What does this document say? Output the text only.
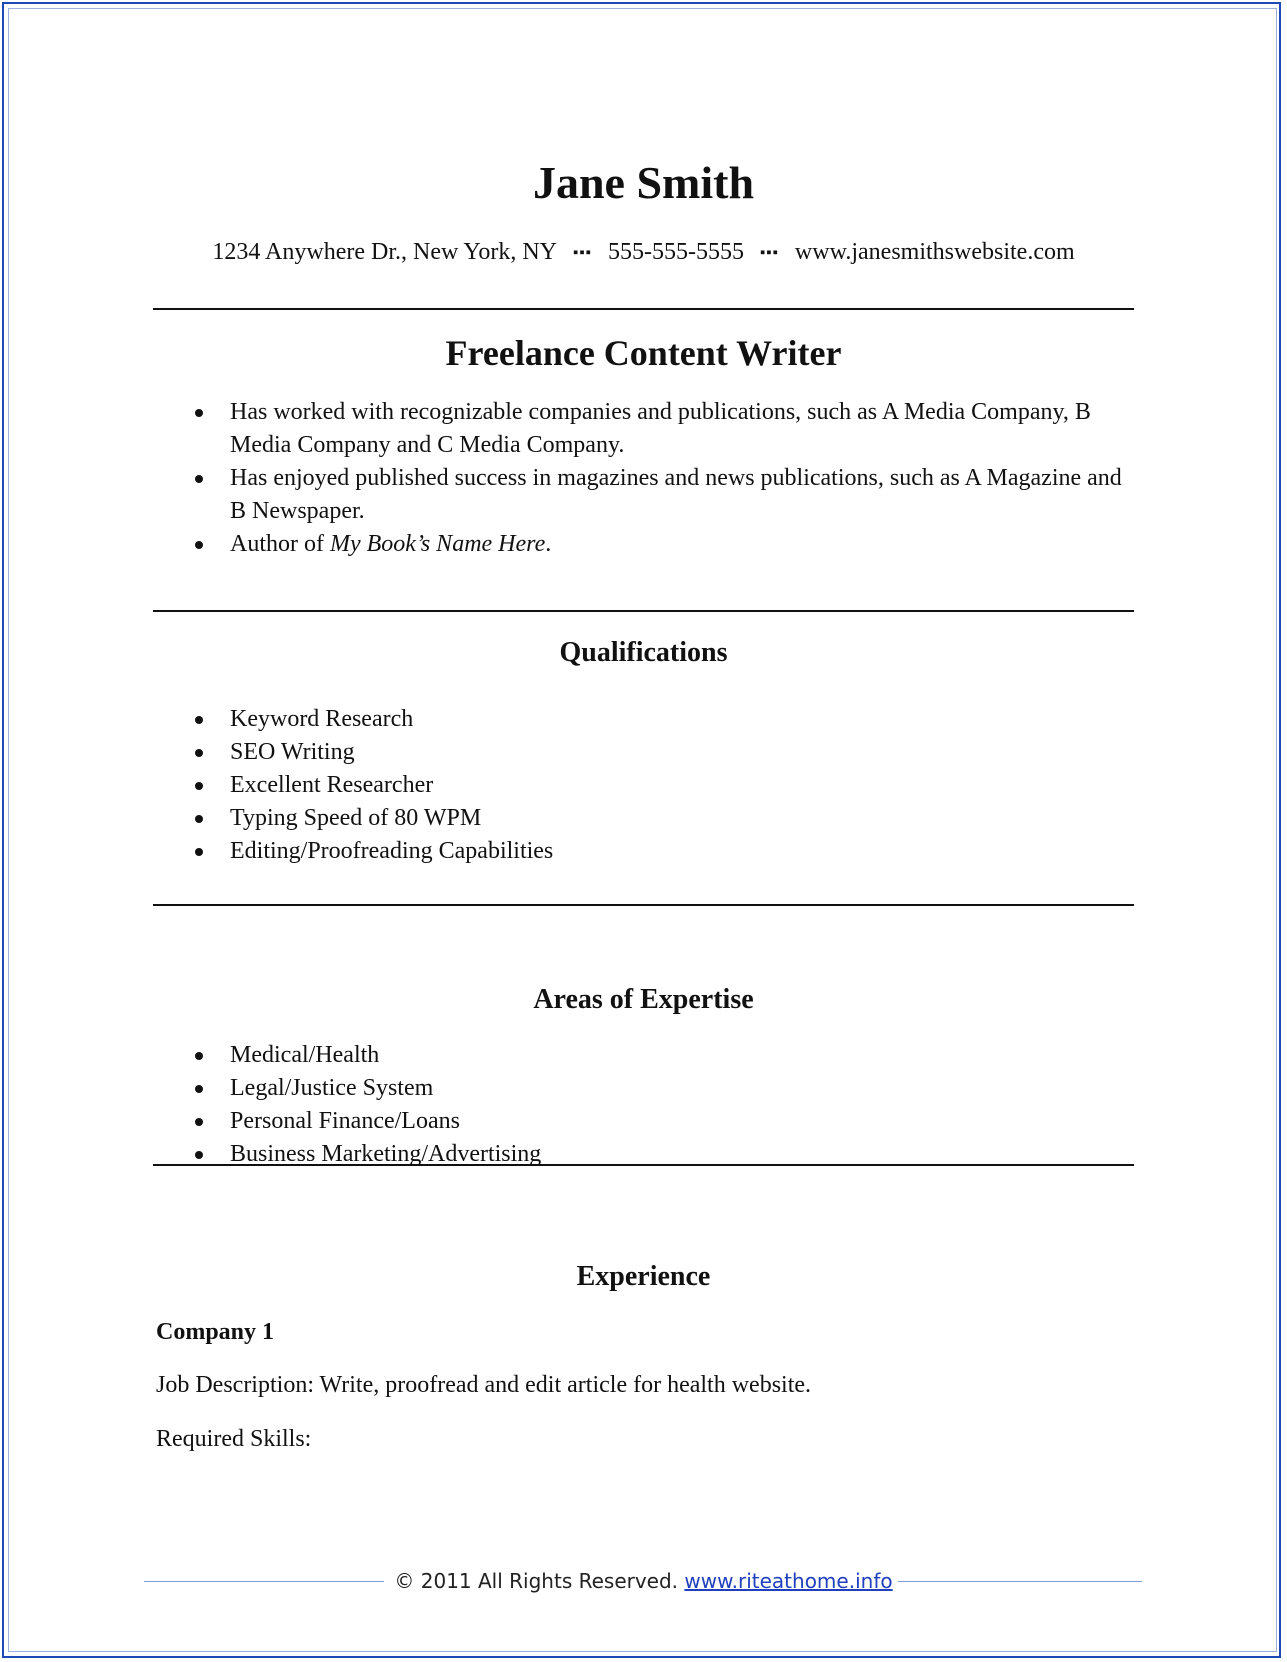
Jane Smith
1234 Anywhere Dr., New York, NY ▪▪▪ 555-555-5555 ▪▪▪ www.janesmithswebsite.com
Freelance Content Writer
Has worked with recognizable companies and publications, such as A Media Company, B Media Company and C Media Company.
Has enjoyed published success in magazines and news publications, such as A Magazine and B Newspaper.
Author of My Book’s Name Here.
Qualifications
Keyword Research
SEO Writing
Excellent Researcher
Typing Speed of 80 WPM
Editing/Proofreading Capabilities
Areas of Expertise
Medical/Health
Legal/Justice System
Personal Finance/Loans
Business Marketing/Advertising
Experience
Company 1
Job Description: Write, proofread and edit article for health website.
Required Skills:
© 2011 All Rights Reserved. www.riteathome.info
